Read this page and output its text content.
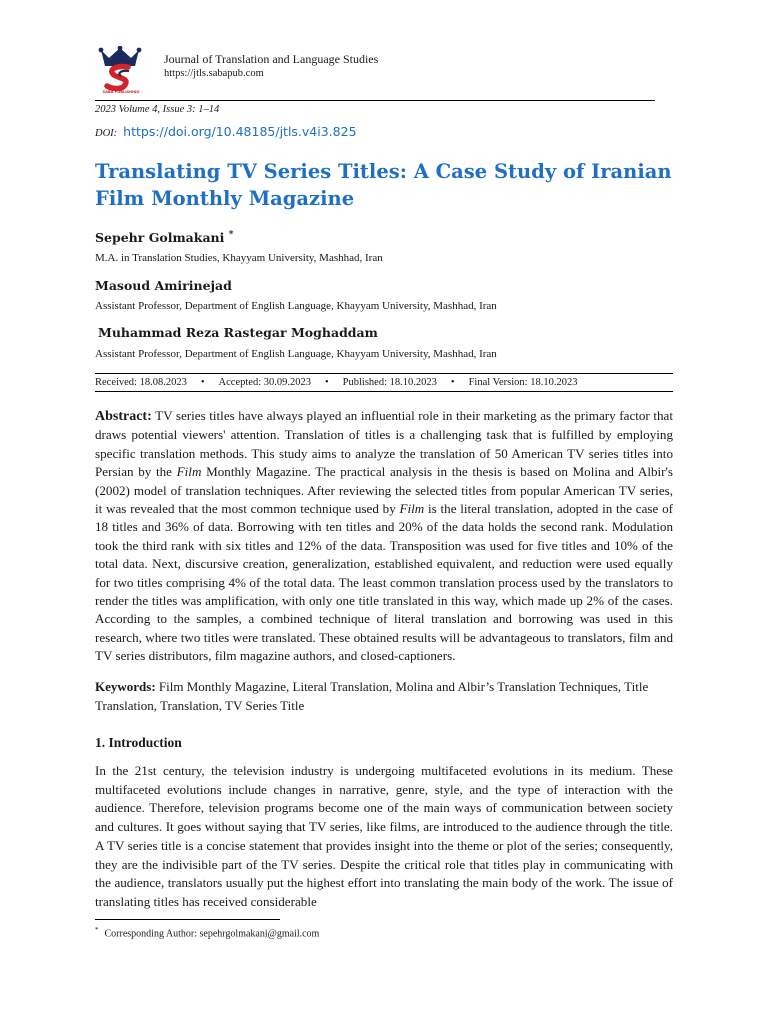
SABA PUBLISHING
Journal of Translation and Language Studies
https://jtls.sabapub.com
2023 Volume 4, Issue 3: 1–14
DOI: https://doi.org/10.48185/jtls.v4i3.825
Translating TV Series Titles: A Case Study of Iranian Film Monthly Magazine
Sepehr Golmakani *
M.A. in Translation Studies, Khayyam University, Mashhad, Iran
Masoud Amirinejad
Assistant Professor, Department of English Language, Khayyam University, Mashhad, Iran
Muhammad Reza Rastegar Moghaddam
Assistant Professor, Department of English Language, Khayyam University, Mashhad, Iran
Received: 18.08.2023 • Accepted: 30.09.2023 • Published: 18.10.2023 • Final Version: 18.10.2023

Abstract: TV series titles have always played an influential role in their marketing as the primary factor that draws potential viewers' attention. Translation of titles is a challenging task that is fulfilled by employing specific translation methods. This study aims to analyze the translation of 50 American TV series titles into Persian by the Film Monthly Magazine. The practical analysis in the thesis is based on Molina and Albir's (2002) model of translation techniques. After reviewing the selected titles from popular American TV series, it was revealed that the most common technique used by Film is the literal translation, adopted in the case of 18 titles and 36% of data. Borrowing with ten titles and 20% of the data holds the second rank. Modulation took the third rank with six titles and 12% of the data. Transposition was used for five titles and 10% of the total data. Next, discursive creation, generalization, established equivalent, and reduction were used equally for two titles comprising 4% of the total data. The least common translation process used by the translators to render the titles was amplification, with only one title translated in this way, which made up 2% of the cases. According to the samples, a combined technique of literal translation and borrowing was used in this research, where two titles were translated. These obtained results will be advantageous to translators, film and TV series distributors, film magazine authors, and closed-captioners.

Keywords: Film Monthly Magazine, Literal Translation, Molina and Albir’s Translation Techniques, Title Translation, Translation, TV Series Title

1. Introduction

In the 21st century, the television industry is undergoing multifaceted evolutions in its medium. These multifaceted evolutions include changes in narrative, genre, style, and the type of interaction with the audience. Therefore, television programs become one of the main ways of communication between society and cultures. It goes without saying that TV series, like films, are introduced to the audience through the title. A TV series title is a concise statement that provides insight into the theme or plot of the series; consequently, they are the indivisible part of the TV series. Despite the critical role that titles play in communicating with the audience, translators usually put the highest effort into translating the main body of the work. The issue of translating titles has received considerable

* Corresponding Author: sepehrgolmakani@gmail.com
